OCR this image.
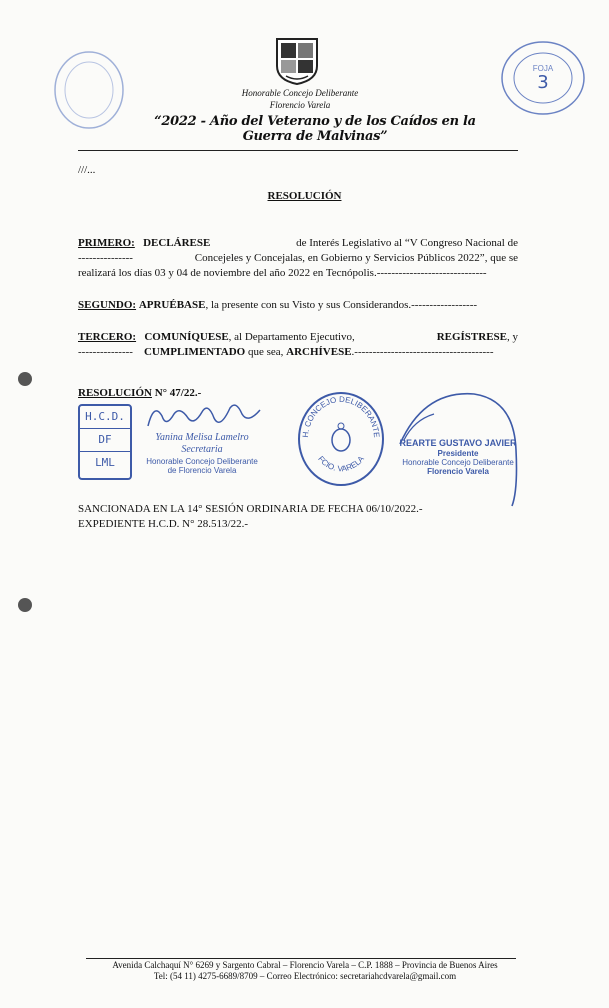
FOJA
3
Honorable Concejo Deliberante
Florencio Varela
“2022 - Año del Veterano y de los Caídos en la Guerra de Malvinas”
///...
RESOLUCIÓN
PRIMERO: DECLÁRESE	de Interés Legislativo al “V Congreso Nacional de
---------------	Concejeles y Concejalas, en Gobierno y Servicios Públicos 2022”, que se
realizará los días 03 y 04 de noviembre del año 2022 en Tecnópolis.------------------------------
SEGUNDO: APRUÉBASE, la presente con su Visto y sus Considerandos.------------------
TERCERO: COMUNÍQUESE, al Departamento Ejecutivo,	REGÍSTRESE, y
--------------- CUMPLIMENTADO que sea, ARCHÍVESE.--------------------------------------
RESOLUCIÓN N° 47/22.-
H.C.D.
DF
LML
Yanina Melisa Lamelro
Secretaria
Honorable Concejo Deliberante
de Florencio Varela
H. CONCEJO DELIBERANTE
FCIO. VARELA
REARTE GUSTAVO JAVIER
Presidente
Honorable Concejo Deliberante
Florencio Varela
SANCIONADA EN LA 14° SESIÓN ORDINARIA DE FECHA 06/10/2022.-
EXPEDIENTE H.C.D. N° 28.513/22.-
Avenida Calchaquí N° 6269 y Sargento Cabral – Florencio Varela – C.P. 1888 – Provincia de Buenos Aires
Tel: (54 11) 4275-6689/8709 – Correo Electrónico: secretariahcdvarela@gmail.com
